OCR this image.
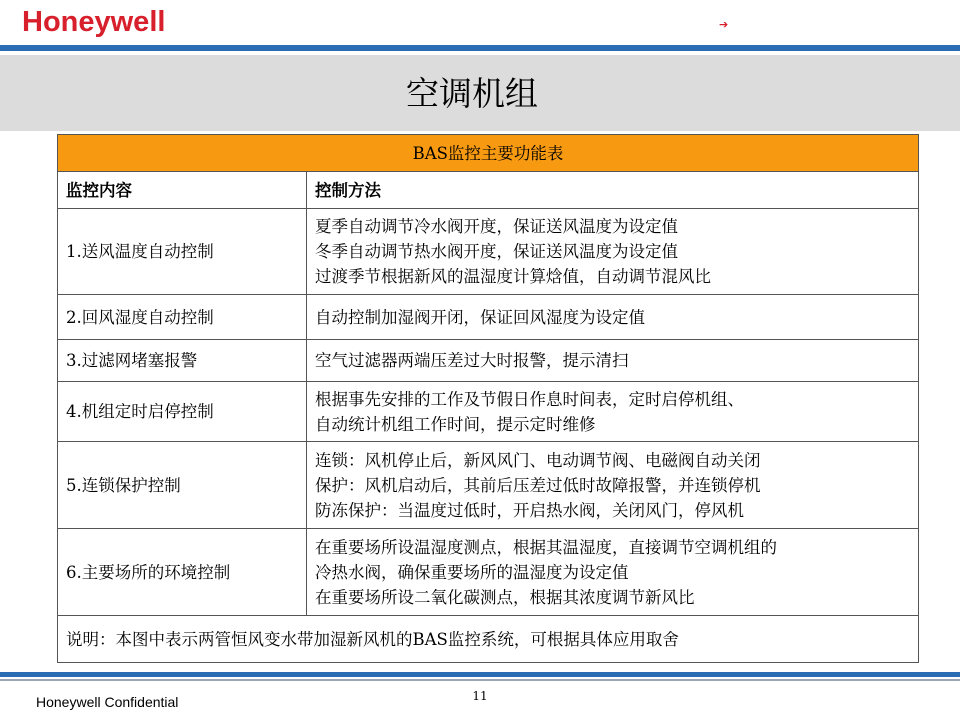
Honeywell	➔
空调机组
BAS监控主要功能表	
监控内容	控制方法
1.送风温度自动控制	夏季自动调节冷水阀开度，保证送风温度为设定值
冬季自动调节热水阀开度，保证送风温度为设定值
过渡季节根据新风的温湿度计算焓值，自动调节混风比

2.回风湿度自动控制	自动控制加湿阀开闭，保证回风湿度为设定值

3.过滤网堵塞报警	空气过滤器两端压差过大时报警，提示清扫

4.机组定时启停控制	根据事先安排的工作及节假日作息时间表，定时启停机组、
自动统计机组工作时间，提示定时维修

5.连锁保护控制	连锁：风机停止后，新风风门、电动调节阀、电磁阀自动关闭
保护：风机启动后，其前后压差过低时故障报警，并连锁停机
防冻保护：当温度过低时，开启热水阀，关闭风门，停风机

6.主要场所的环境控制	在重要场所设温湿度测点，根据其温湿度，直接调节空调机组的
冷热水阀，确保重要场所的温湿度为设定值
在重要场所设二氧化碳测点，根据其浓度调节新风比

说明：本图中表示两管恒风变水带加湿新风机的BAS监控系统，可根据具体应用取舍	
Honeywell Confidential	11
